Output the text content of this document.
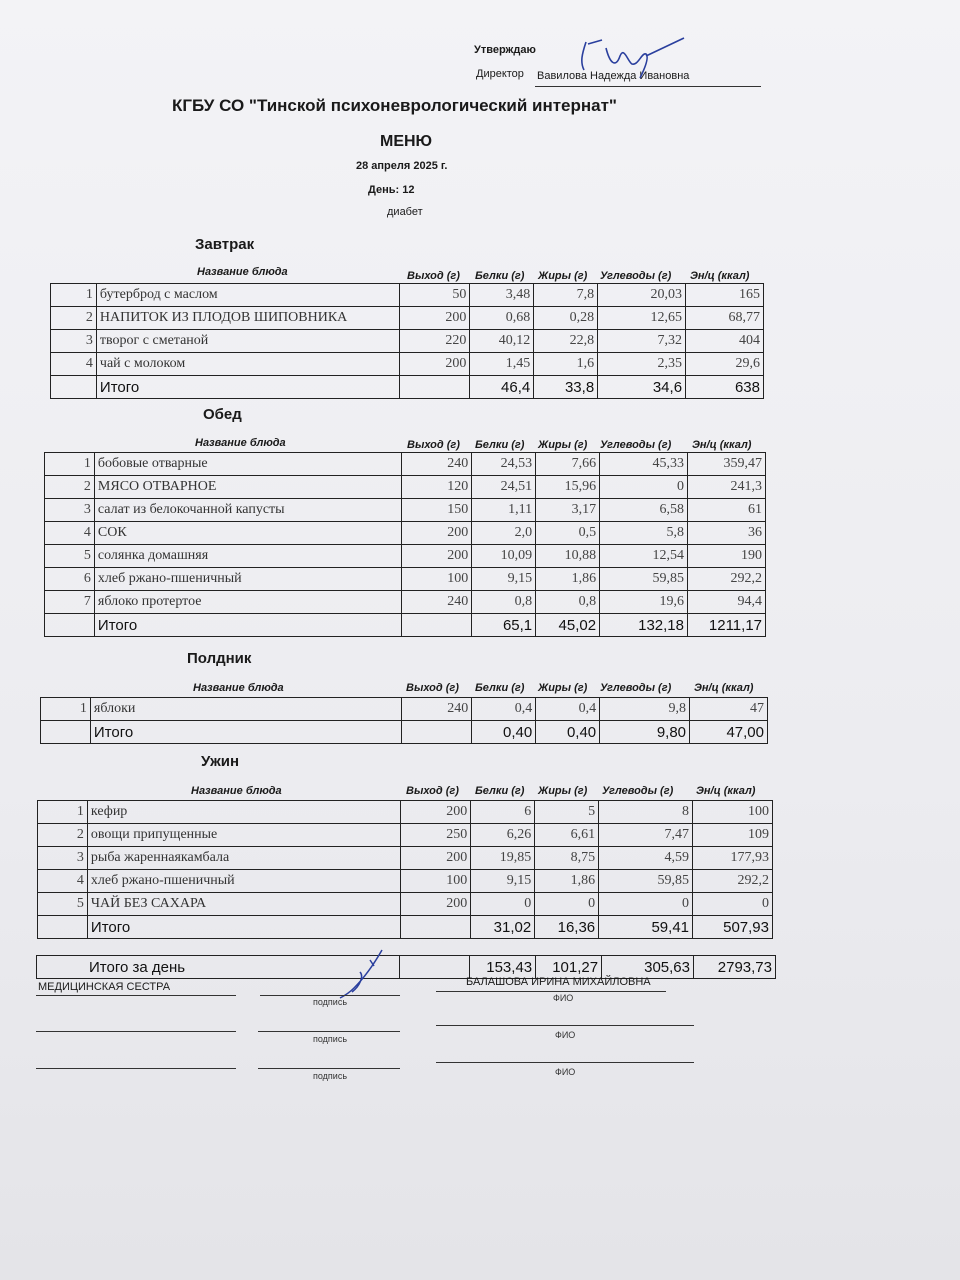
Утверждаю
Директор Вавилова Надежда Ивановна
КГБУ СО "Тинской психоневрологический интернат"
МЕНЮ
28 апреля 2025 г.
День: 12
диабет
Завтрак
Название блюда	Выход (г) Белки (г) Жиры (г) Углеводы (г) Эн/ц (ккал)
1	бутерброд с маслом	50	3,48	7,8	20,03	165
2	НАПИТОК ИЗ ПЛОДОВ ШИПОВНИКА	200	0,68	0,28	12,65	68,77
3	творог с сметаной	220	40,12	22,8	7,32	404
4	чай с молоком	200	1,45	1,6	2,35	29,6
	Итого		46,4	33,8	34,6	638
Обед
Название блюда	Выход (г) Белки (г) Жиры (г) Углеводы (г) Эн/ц (ккал)
1	бобовые отварные	240	24,53	7,66	45,33	359,47
2	МЯСО ОТВАРНОЕ	120	24,51	15,96	0	241,3
3	салат из белокочанной капусты	150	1,11	3,17	6,58	61
4	СОК	200	2,0	0,5	5,8	36
5	солянка домашняя	200	10,09	10,88	12,54	190
6	хлеб ржано-пшеничный	100	9,15	1,86	59,85	292,2
7	яблоко протертое	240	0,8	0,8	19,6	94,4
	Итого		65,1	45,02	132,18	1211,17
Полдник
Название блюда	Выход (г) Белки (г) Жиры (г) Углеводы (г) Эн/ц (ккал)
1	яблоки	240	0,4	0,4	9,8	47
	Итого		0,40	0,40	9,80	47,00
Ужин
Название блюда	Выход (г) Белки (г) Жиры (г) Углеводы (г) Эн/ц (ккал)
1	кефир	200	6	5	8	100
2	овощи припущенные	250	6,26	6,61	7,47	109
3	рыба жареннаякамбала	200	19,85	8,75	4,59	177,93
4	хлеб ржано-пшеничный	100	9,15	1,86	59,85	292,2
5	ЧАЙ БЕЗ САХАРА	200	0	0	0	0
	Итого		31,02	16,36	59,41	507,93
Итого за день		153,43	101,27	305,63	2793,73
МЕДИЦИНСКАЯ СЕСТРА
подпись
БАЛАШОВА ИРИНА МИХАЙЛОВНА
ФИО
подпись	ФИО
подпись	ФИО
